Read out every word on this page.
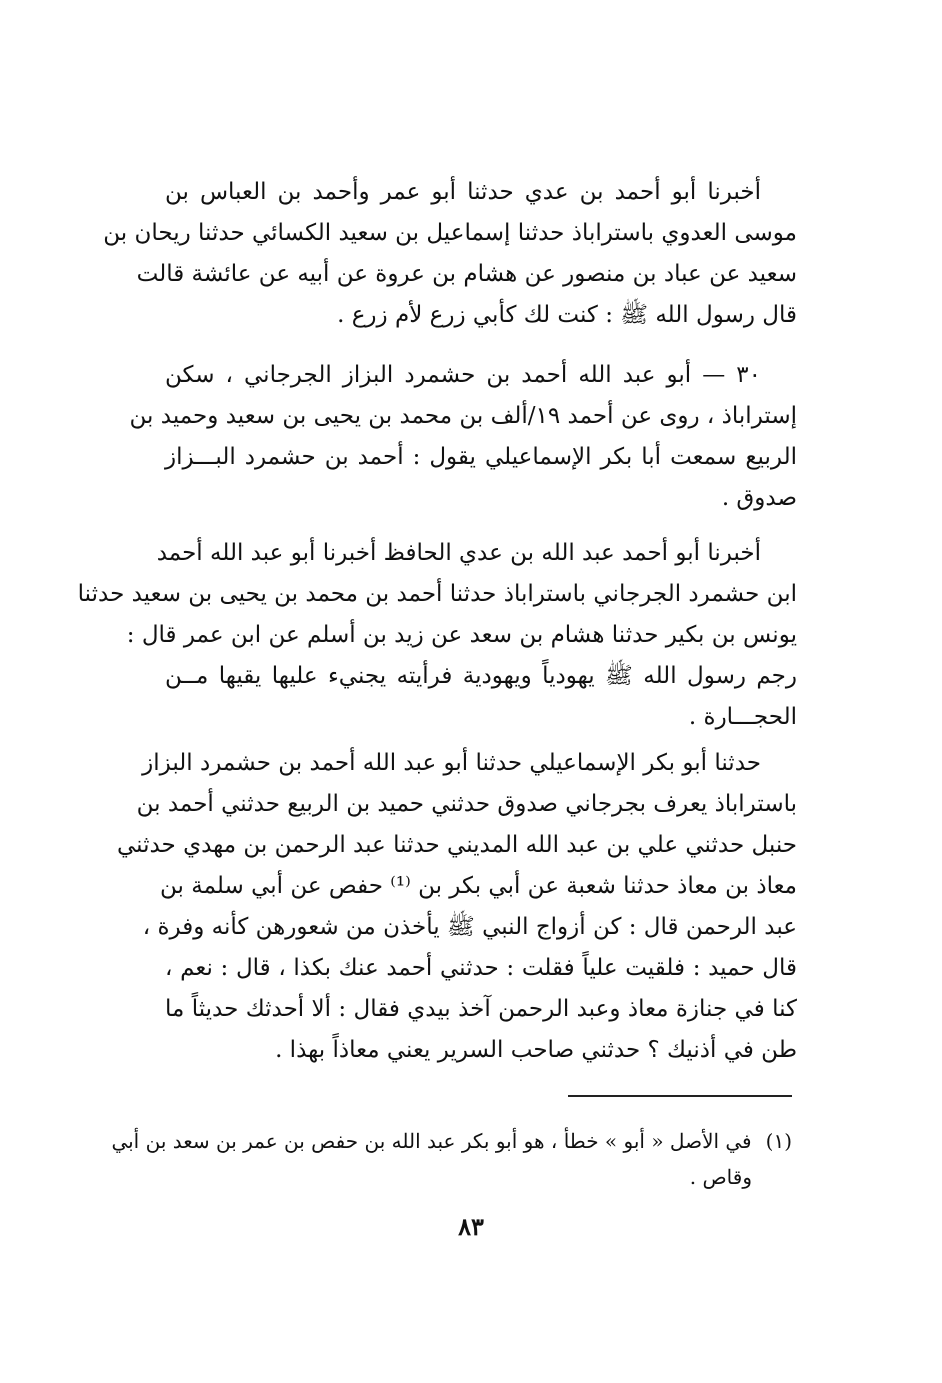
أخبرنا أبو أحمد بن عدي حدثنا أبو عمر وأحمد بن العباس بن
موسى العدوي باستراباذ حدثنا إسماعيل بن سعيد الكسائي حدثنا ريحان بن
سعيد عن عباد بن منصور عن هشام بن عروة عن أبيه عن عائشة قالت
قال رسول الله ﷺ : كنت لك كأبي زرع لأم زرع .
٣٠ — أبو عبد الله أحمد بن حشمرد البزاز الجرجاني ، سكن
إستراباذ ، روى عن أحمد ١٩/ألف بن محمد بن يحيى بن سعيد وحميد بن
الربيع سمعت أبا بكر الإسماعيلي يقول : أحمد بن حشمرد البـــزاز
صدوق .
أخبرنا أبو أحمد عبد الله بن عدي الحافظ أخبرنا أبو عبد الله أحمد
ابن حشمرد الجرجاني باستراباذ حدثنا أحمد بن محمد بن يحيى بن سعيد حدثنا
يونس بن بكير حدثنا هشام بن سعد عن زيد بن أسلم عن ابن عمر قال :
رجم رسول الله ﷺ يهودياً ويهودية فرأيته يجنيء عليها يقيها مــن
الحجـــارة .
حدثنا أبو بكر الإسماعيلي حدثنا أبو عبد الله أحمد بن حشمرد البزاز
باستراباذ يعرف بجرجاني صدوق حدثني حميد بن الربيع حدثني أحمد بن
حنبل حدثني علي بن عبد الله المديني حدثنا عبد الرحمن بن مهدي حدثني
معاذ بن معاذ حدثنا شعبة عن أبي بكر بن ⁽¹⁾ حفص عن أبي سلمة بن
عبد الرحمن قال : كن أزواج النبي ﷺ يأخذن من شعورهن كأنه وفرة ،
قال حميد : فلقيت علياً فقلت : حدثني أحمد عنك بكذا ، قال : نعم ،
كنا في جنازة معاذ وعبد الرحمن آخذ بيدي فقال : ألا أحدثك حديثاً ما
طن في أذنيك ؟ حدثني صاحب السرير يعني معاذاً بهذا .
(١)في الأصل « أبو » خطأ ، هو أبو بكر عبد الله بن حفص بن عمر بن سعد بن أبي
وقاص .
٨٣
